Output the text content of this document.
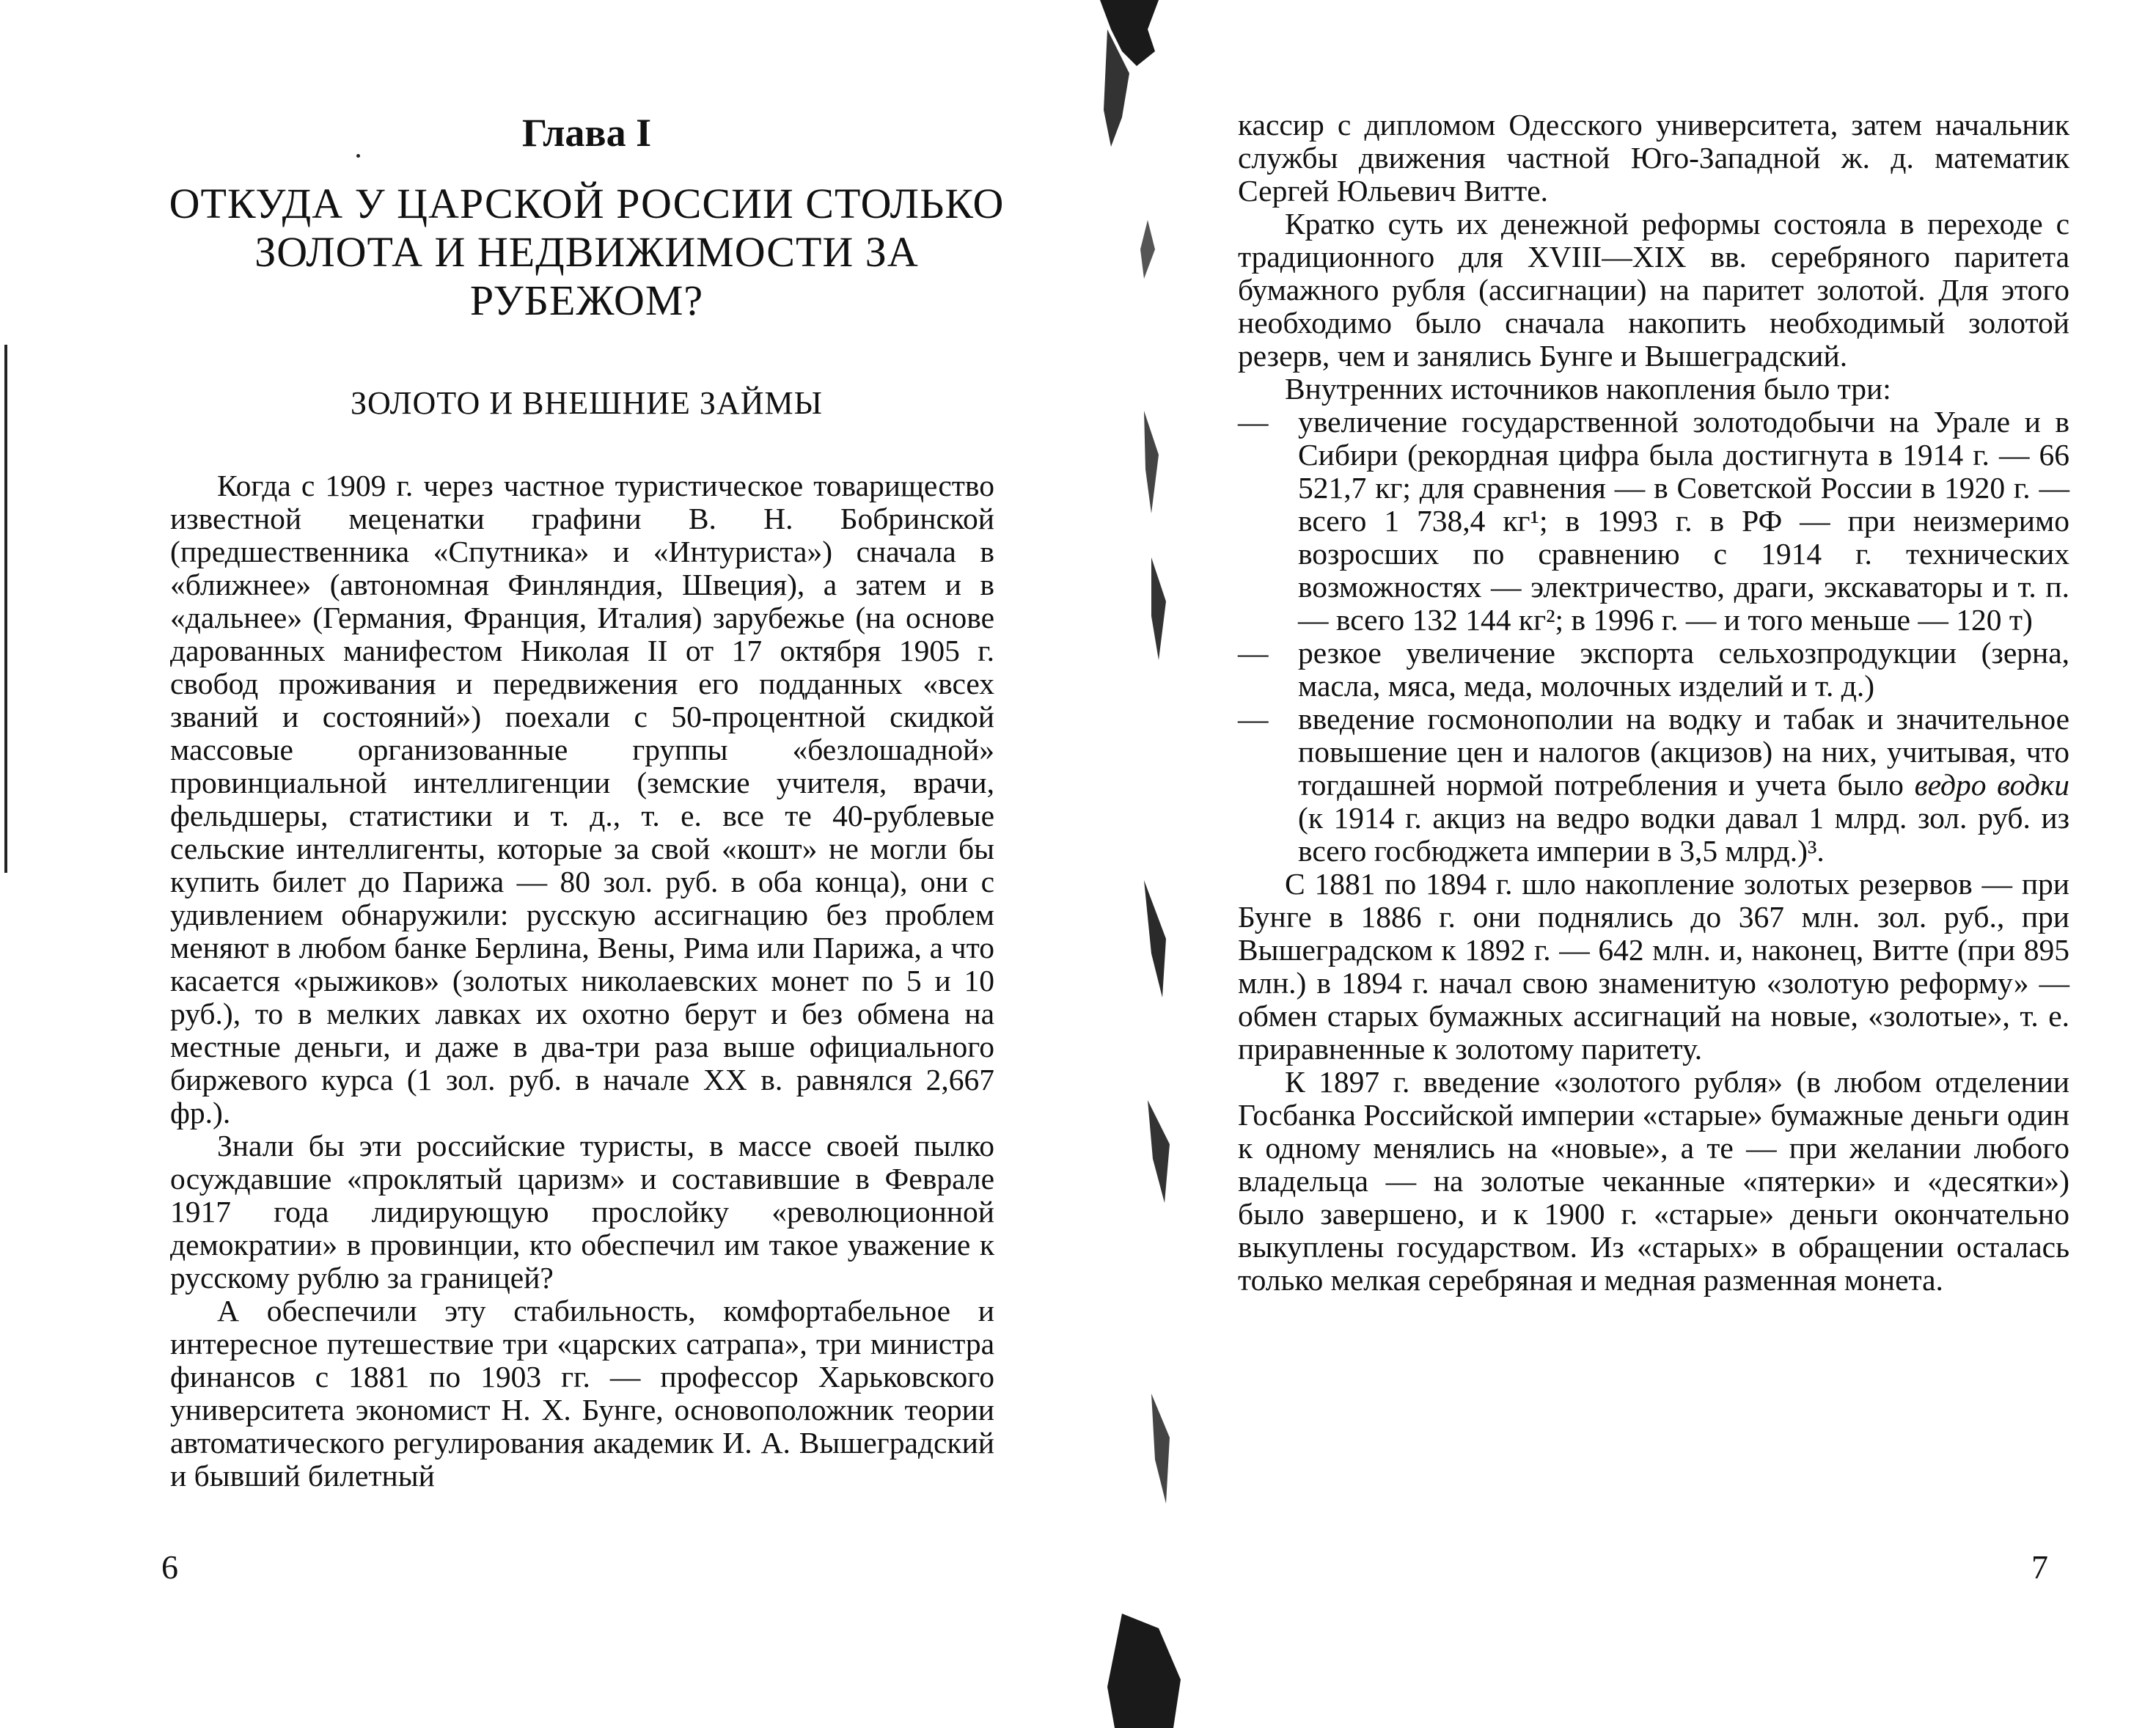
Глава I
ОТКУДА У ЦАРСКОЙ РОССИИ СТОЛЬКО ЗОЛОТА И НЕДВИЖИМОСТИ ЗА РУБЕЖОМ?
ЗОЛОТО И ВНЕШНИЕ ЗАЙМЫ

Когда с 1909 г. через частное туристическое товарищество известной меценатки графини В. Н. Бобринской (предшественника «Спутника» и «Интуриста») сначала в «ближнее» (автономная Финляндия, Швеция), а затем и в «дальнее» (Германия, Франция, Италия) зарубежье (на основе дарованных манифестом Николая II от 17 октября 1905 г. свобод проживания и передвижения его подданных «всех званий и состояний») поехали с 50-процентной скидкой массовые организованные группы «безлошадной» провинциальной интеллигенции (земские учителя, врачи, фельдшеры, статистики и т. д., т. е. все те 40-рублевые сельские интеллигенты, которые за свой «кошт» не могли бы купить билет до Парижа — 80 зол. руб. в оба конца), они с удивлением обнаружили: русскую ассигнацию без проблем меняют в любом банке Берлина, Вены, Рима или Парижа, а что касается «рыжиков» (золотых николаевских монет по 5 и 10 руб.), то в мелких лавках их охотно берут и без обмена на местные деньги, и даже в два-три раза выше официального биржевого курса (1 зол. руб. в начале XX в. равнялся 2,667 фр.).

Знали бы эти российские туристы, в массе своей пылко осуждавшие «проклятый царизм» и составившие в Феврале 1917 года лидирующую прослойку «революционной демократии» в провинции, кто обеспечил им такое уважение к русскому рублю за границей?

А обеспечили эту стабильность, комфортабельное и интересное путешествие три «царских сатрапа», три министра финансов с 1881 по 1903 гг. — профессор Харьковского университета экономист Н. Х. Бунге, основоположник теории автоматического регулирования академик И. А. Вышеградский и бывший билетный

6

кассир с дипломом Одесского университета, затем начальник службы движения частной Юго-Западной ж. д. математик Сергей Юльевич Витте.

Кратко суть их денежной реформы состояла в переходе с традиционного для XVIII—XIX вв. серебряного паритета бумажного рубля (ассигнации) на паритет золотой. Для этого необходимо было сначала накопить необходимый золотой резерв, чем и занялись Бунге и Вышеградский.

Внутренних источников накопления было три:

— увеличение государственной золотодобычи на Урале и в Сибири (рекордная цифра была достигнута в 1914 г. — 66 521,7 кг; для сравнения — в Советской России в 1920 г. — всего 1 738,4 кг¹; в 1993 г. в РФ — при неизмеримо возросших по сравнению с 1914 г. технических возможностях — электричество, драги, экскаваторы и т. п. — всего 132 144 кг²; в 1996 г. — и того меньше — 120 т)
— резкое увеличение экспорта сельхозпродукции (зерна, масла, мяса, меда, молочных изделий и т. д.)
— введение госмонополии на водку и табак и значительное повышение цен и налогов (акцизов) на них, учитывая, что тогдашней нормой потребления и учета было ведро водки (к 1914 г. акциз на ведро водки давал 1 млрд. зол. руб. из всего госбюджета империи в 3,5 млрд.)³.

С 1881 по 1894 г. шло накопление золотых резервов — при Бунге в 1886 г. они поднялись до 367 млн. зол. руб., при Вышеградском к 1892 г. — 642 млн. и, наконец, Витте (при 895 млн.) в 1894 г. начал свою знаменитую «золотую реформу» — обмен старых бумажных ассигнаций на новые, «золотые», т. е. приравненные к золотому паритету.

К 1897 г. введение «золотого рубля» (в любом отделении Госбанка Российской империи «старые» бумажные деньги один к одному менялись на «новые», а те — при желании любого владельца — на золотые чеканные «пятерки» и «десятки») было завершено, и к 1900 г. «старые» деньги окончательно выкуплены государством. Из «старых» в обращении осталась только мелкая серебряная и медная разменная монета.

7
